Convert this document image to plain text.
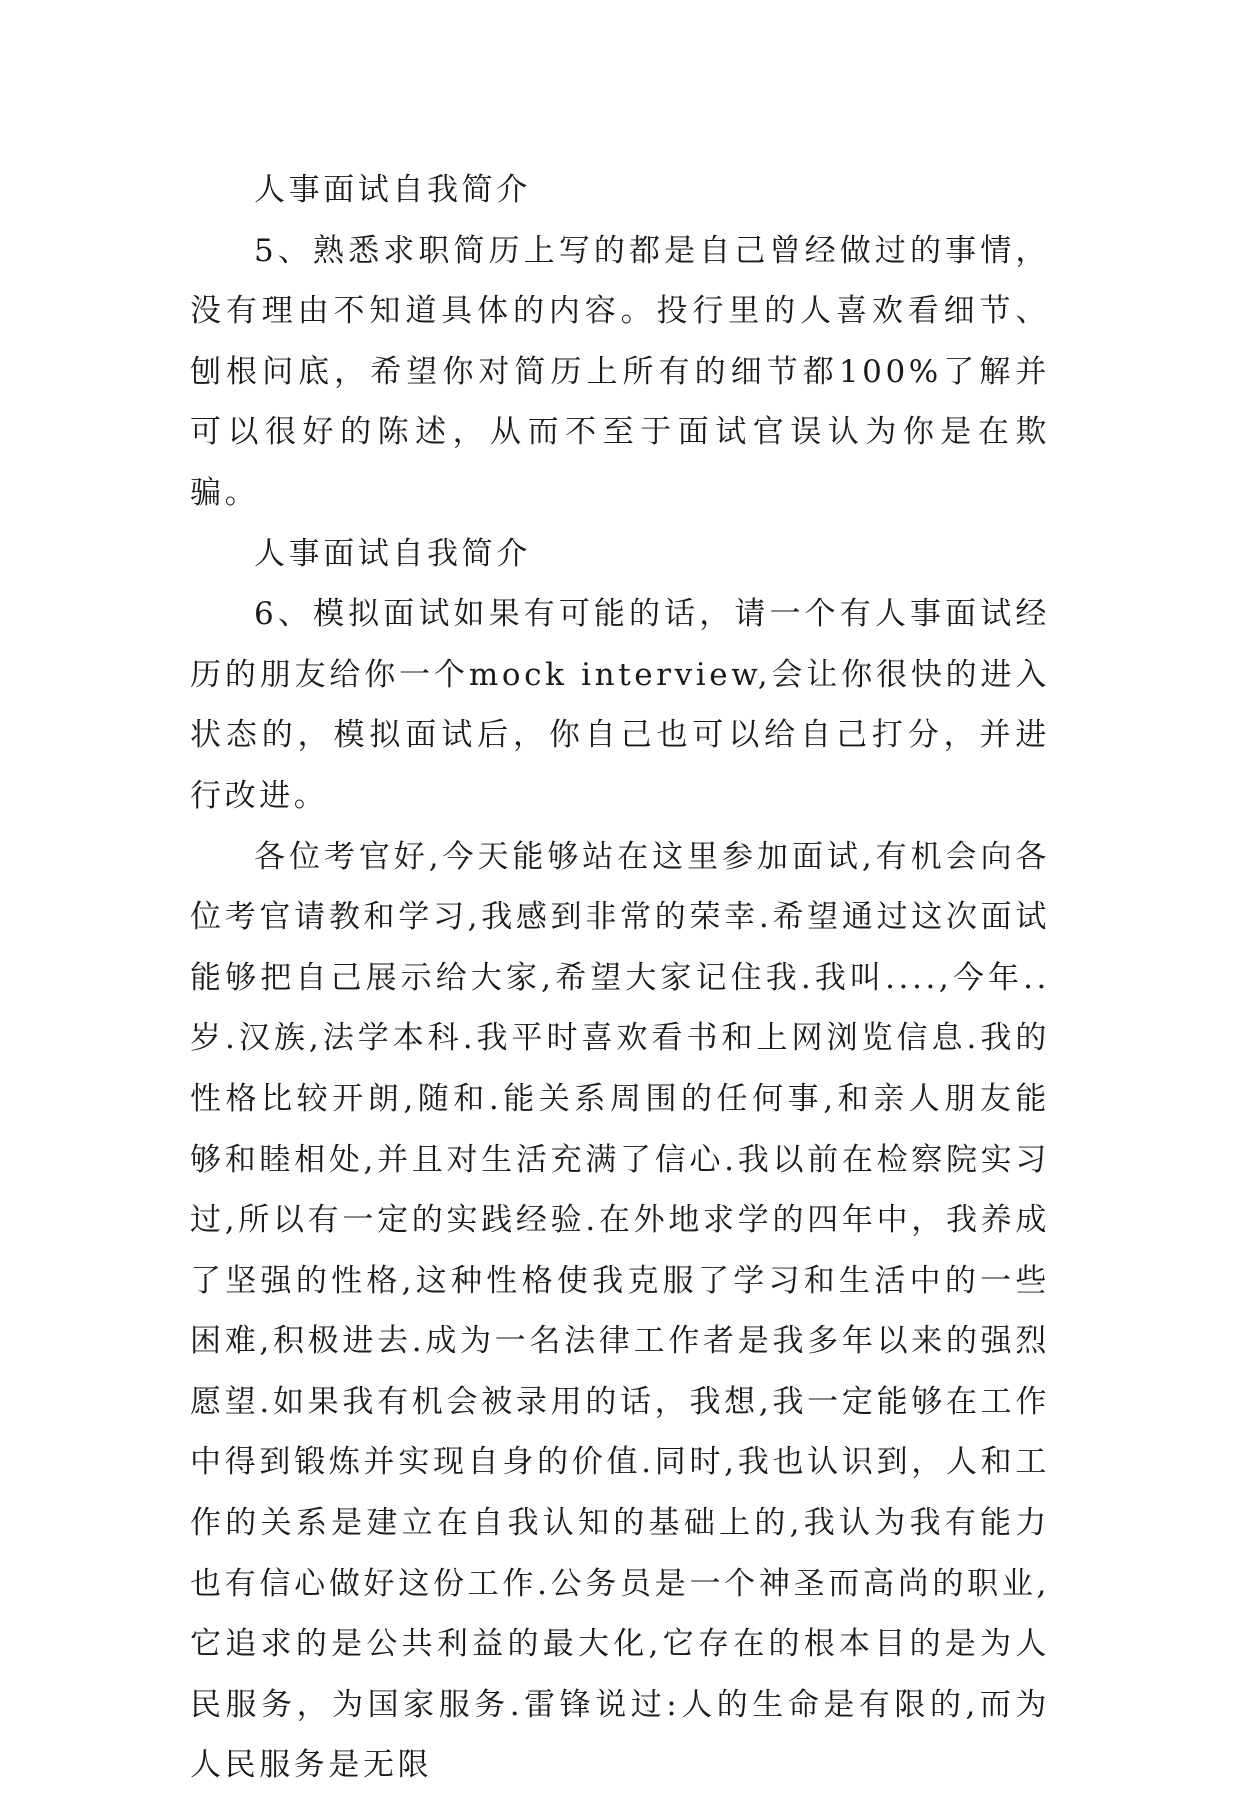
人事面试自我简介

5、熟悉求职简历上写的都是自己曾经做过的事情，没有理由不知道具体的内容。投行里的人喜欢看细节、刨根问底，希望你对简历上所有的细节都100%了解并可以很好的陈述，从而不至于面试官误认为你是在欺骗。

人事面试自我简介

6、模拟面试如果有可能的话，请一个有人事面试经历的朋友给你一个mock interview,会让你很快的进入状态的，模拟面试后，你自己也可以给自己打分，并进行改进。

各位考官好,今天能够站在这里参加面试,有机会向各位考官请教和学习,我感到非常的荣幸.希望通过这次面试能够把自己展示给大家,希望大家记住我.我叫....,今年..岁.汉族,法学本科.我平时喜欢看书和上网浏览信息.我的性格比较开朗,随和.能关系周围的任何事,和亲人朋友能够和睦相处,并且对生活充满了信心.我以前在检察院实习过,所以有一定的实践经验.在外地求学的四年中，我养成了坚强的性格,这种性格使我克服了学习和生活中的一些困难,积极进去.成为一名法律工作者是我多年以来的强烈愿望.如果我有机会被录用的话，我想,我一定能够在工作中得到锻炼并实现自身的价值.同时,我也认识到，人和工作的关系是建立在自我认知的基础上的,我认为我有能力也有信心做好这份工作.公务员是一个神圣而高尚的职业,它追求的是公共利益的最大化,它存在的根本目的是为人民服务，为国家服务.雷锋说过:人的生命是有限的,而为人民服务是无限
